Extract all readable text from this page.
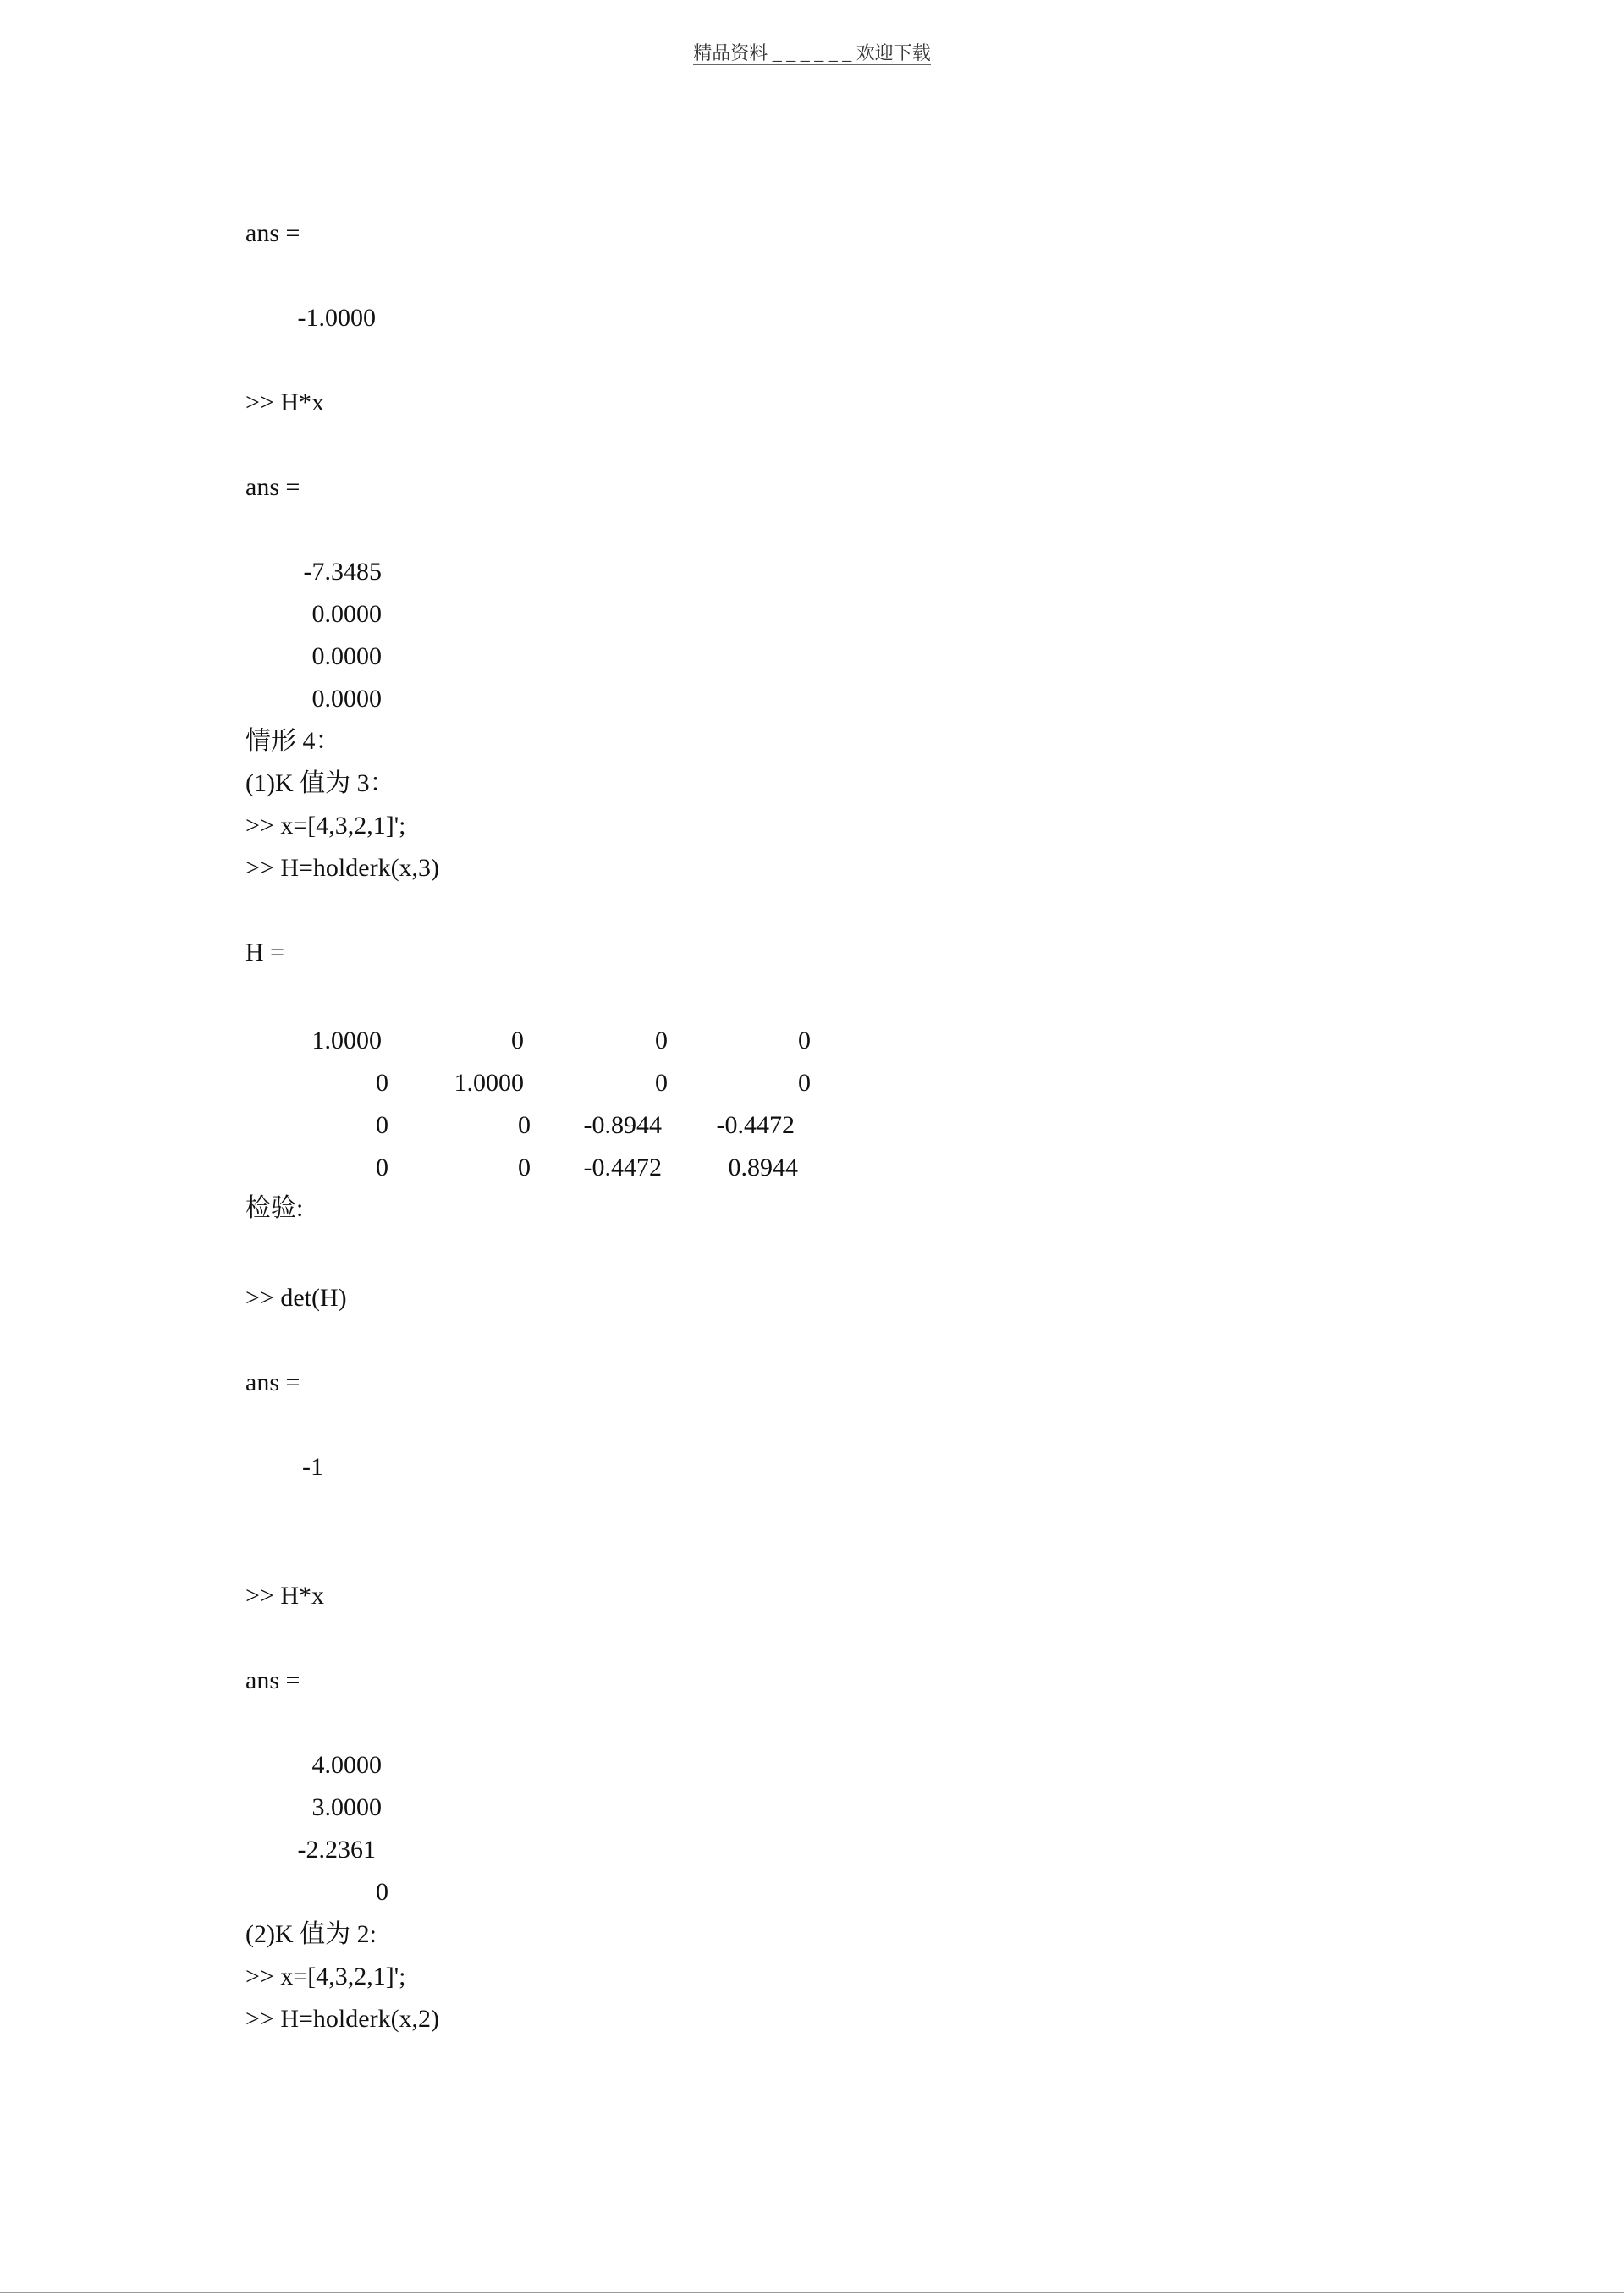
精品资料 _ _ _ _ _ _ 欢迎下载
ans =
-1.0000
>> H*x
ans =
-7.3485
0.0000
0.0000
0.0000
情形 4：
(1)K 值为 3：
>> x=[4,3,2,1]';
>> H=holderk(x,3)
H =
1.0000	0	0	0
0	1.0000	0	0
0	0 -0.8944 -0.4472
0	0 -0.4472	0.8944
检验:
>> det(H)
ans =
-1
>> H*x
ans =
4.0000
3.0000
-2.2361
0
(2)K 值为 2:
>> x=[4,3,2,1]';
>> H=holderk(x,2)
